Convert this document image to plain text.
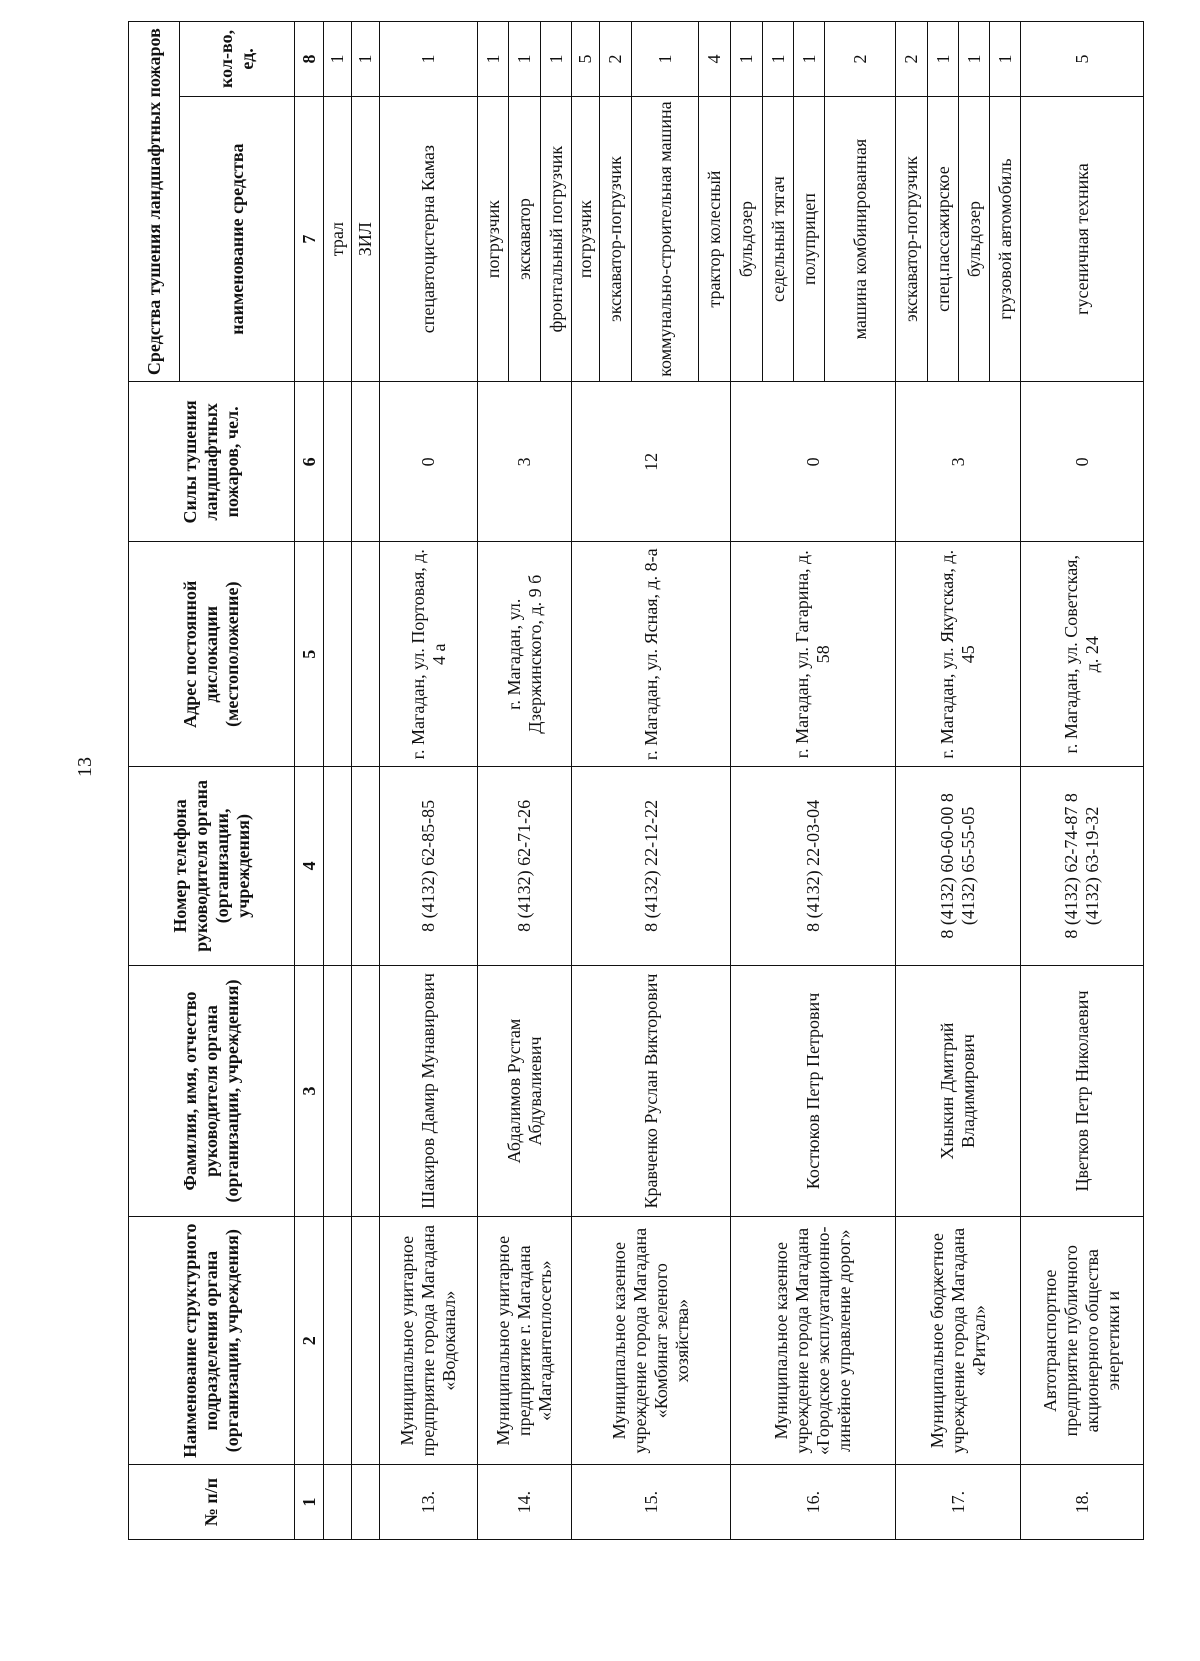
13
№ п/п	Наименование структурного подразделения органа (организации, учреждения)	Фамилия, имя, отчество руководителя органа (организации, учреждения)	Номер телефона руководителя органа (организации, учреждения)	Адрес постоянной дислокации (местоположение)	Силы тушения ландшафтных пожаров, чел.	Средства тушения ландшафтных пожаров	
						наименование средства	кол-во, ед.
1	2	3	4	5	6	7	8
						трал	1
						ЗИЛ	1
13.	Муниципальное унитарное предприятие города Магадана «Водоканал»	Шакиров Дамир Мунавирович	8 (4132) 62-85-85	г. Магадан, ул. Портовая, д. 4 а	0	спецавтоцистерна Камаз	1
14.	Муниципальное унитарное предприятие г. Магадана «Магадантеплосеть»	Абдалимов Рустам Абдувалиевич	8 (4132) 62-71-26	г. Магадан, ул. Дзержинского, д. 9 б	3	погрузчик	1
						экскаватор	1
						фронтальный погрузчик	1
15.	Муниципальное казенное учреждение города Магадана «Комбинат зеленого хозяйства»	Кравченко Руслан Викторович	8 (4132) 22-12-22	г. Магадан, ул. Ясная, д. 8-а	12	погрузчик	5
						экскаватор-погрузчик	2
						коммунально-строительная машина	1
						трактор колесный	4
16.	Муниципальное казенное учреждение города Магадана «Городское эксплуатационно-линейное управление дорог»	Костюков Петр Петрович	8 (4132) 22-03-04	г. Магадан, ул. Гагарина, д. 58	0	бульдозер	1
						седельный тягач	1
						полуприцеп	1
						машина комбинированная	2
17.	Муниципальное бюджетное учреждение города Магадана «Ритуал»	Хныкин Дмитрий Владимирович	8 (4132) 60-60-00 8 (4132) 65-55-05	г. Магадан, ул. Якутская, д. 45	3	экскаватор-погрузчик	2
						спец.пассажирское	1
						бульдозер	1
						грузовой автомобиль	1
18.	Автотранспортное предприятие публичного акционерного общества энергетики и	Цветков Петр Николаевич	8 (4132) 62-74-87 8 (4132) 63-19-32	г. Магадан, ул. Советская, д. 24	0	гусеничная техника	5
